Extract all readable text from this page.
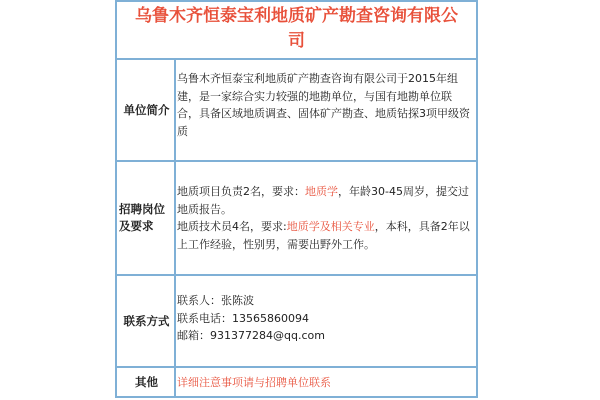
乌鲁木齐恒泰宝利地质矿产勘查咨询有限公司
单位简介

乌鲁木齐恒泰宝利地质矿产勘查咨询有限公司于2015年组建，是一家综合实力较强的地勘单位，与国有地勘单位联合，具备区域地质调查、固体矿产勘查、地质钻探3项甲级资质

招聘岗位及要求

地质项目负责2名，要求：地质学，年龄30-45周岁，提交过地质报告。

地质技术员4名，要求:地质学及相关专业，本科，具备2年以上工作经验，性别男，需要出野外工作。

联系方式

联系人：张陈波

联系电话：13565860094

邮箱：931377284@qq.com

其他	详细注意事项请与招聘单位联系
